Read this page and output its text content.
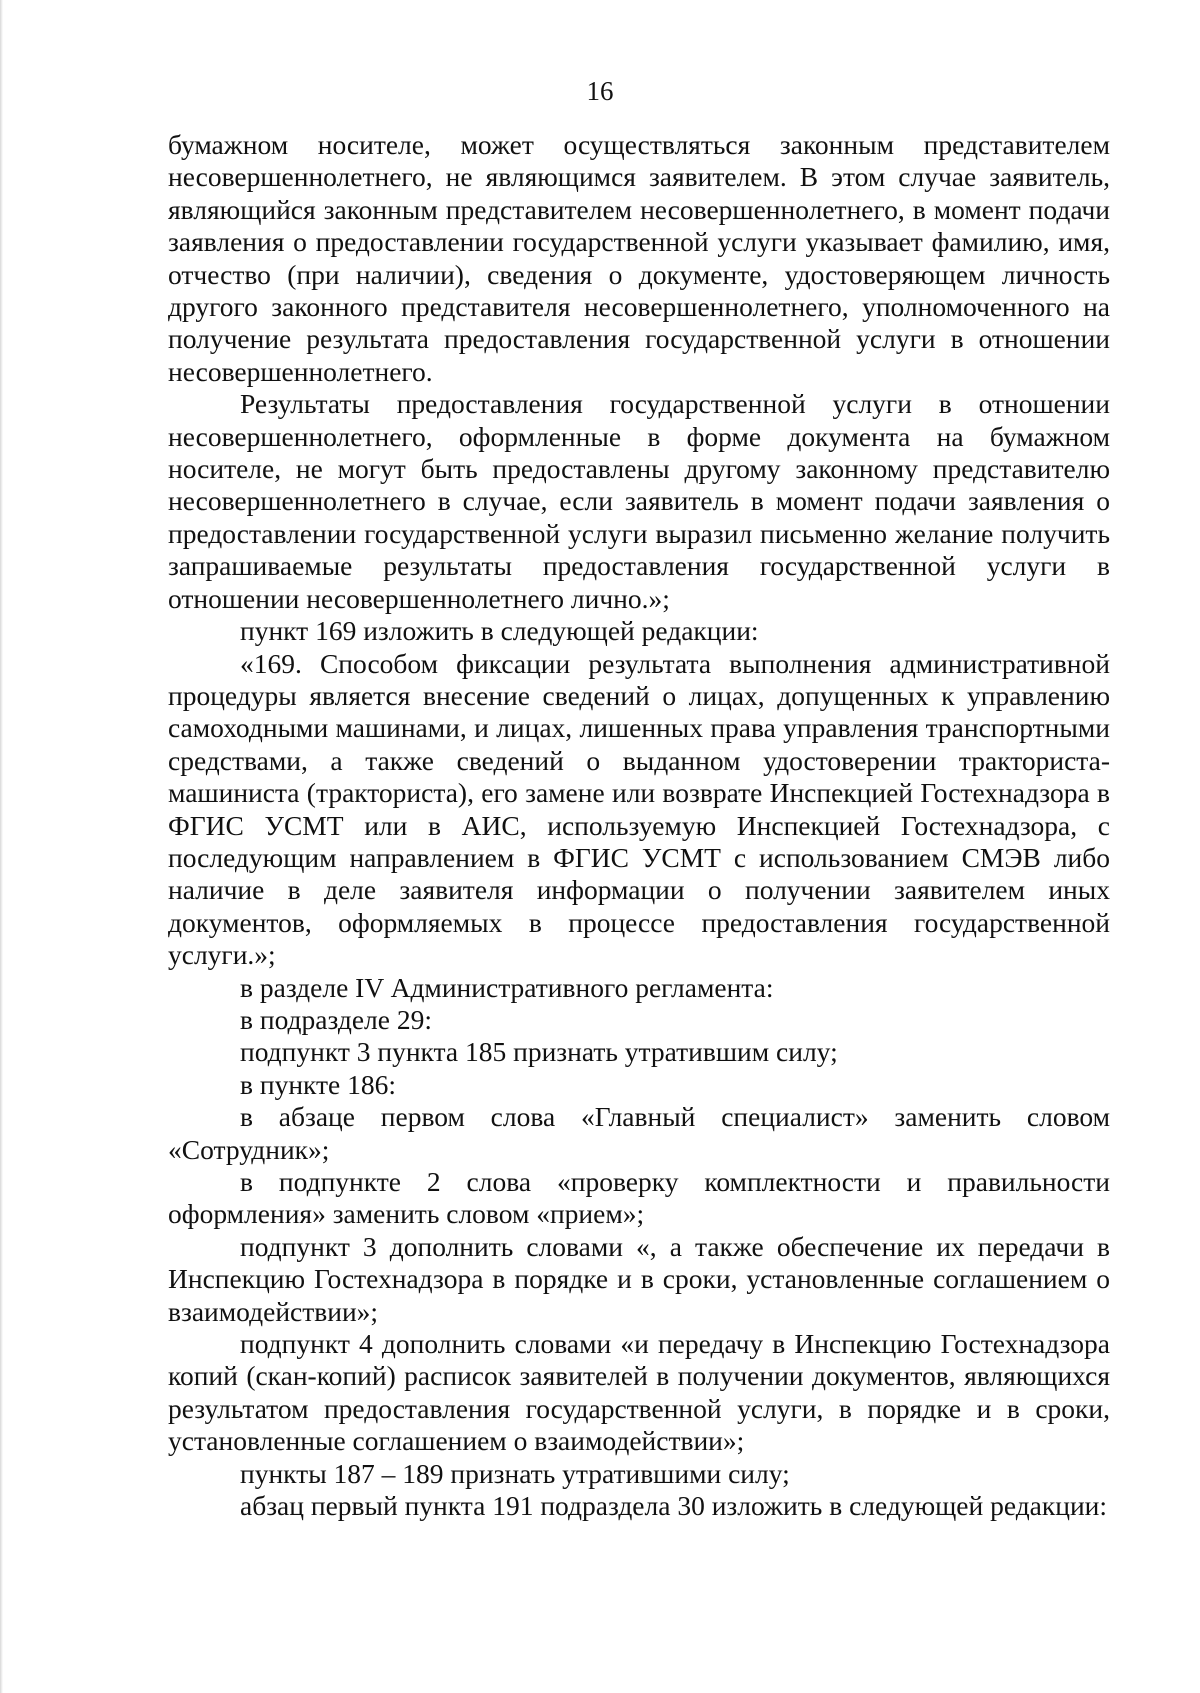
16

бумажном носителе, может осуществляться законным представителем несовершеннолетнего, не являющимся заявителем. В этом случае заявитель, являющийся законным представителем несовершеннолетнего, в момент подачи заявления о предоставлении государственной услуги указывает фамилию, имя, отчество (при наличии), сведения о документе, удостоверяющем личность другого законного представителя несовершеннолетнего, уполномоченного на получение результата предоставления государственной услуги в отношении несовершеннолетнего.

Результаты предоставления государственной услуги в отношении несовершеннолетнего, оформленные в форме документа на бумажном носителе, не могут быть предоставлены другому законному представителю несовершеннолетнего в случае, если заявитель в момент подачи заявления о предоставлении государственной услуги выразил письменно желание получить запрашиваемые результаты предоставления государственной услуги в отношении несовершеннолетнего лично.»;

пункт 169 изложить в следующей редакции:

«169. Способом фиксации результата выполнения административной процедуры является внесение сведений о лицах, допущенных к управлению самоходными машинами, и лицах, лишенных права управления транспортными средствами, а также сведений о выданном удостоверении тракториста-машиниста (тракториста), его замене или возврате Инспекцией Гостехнадзора в ФГИС УСМТ или в АИС, используемую Инспекцией Гостехнадзора, с последующим направлением в ФГИС УСМТ с использованием СМЭВ либо наличие в деле заявителя информации о получении заявителем иных документов, оформляемых в процессе предоставления государственной услуги.»;

в разделе IV Административного регламента:

в подразделе 29:

подпункт 3 пункта 185 признать утратившим силу;

в пункте 186:

в абзаце первом слова «Главный специалист» заменить словом «Сотрудник»;

в подпункте 2 слова «проверку комплектности и правильности оформления» заменить словом «прием»;

подпункт 3 дополнить словами «, а также обеспечение их передачи в Инспекцию Гостехнадзора в порядке и в сроки, установленные соглашением о взаимодействии»;

подпункт 4 дополнить словами «и передачу в Инспекцию Гостехнадзора копий (скан-копий) расписок заявителей в получении документов, являющихся результатом предоставления государственной услуги, в порядке и в сроки, установленные соглашением о взаимодействии»;

пункты 187 – 189 признать утратившими силу;

абзац первый пункта 191 подраздела 30 изложить в следующей редакции:
